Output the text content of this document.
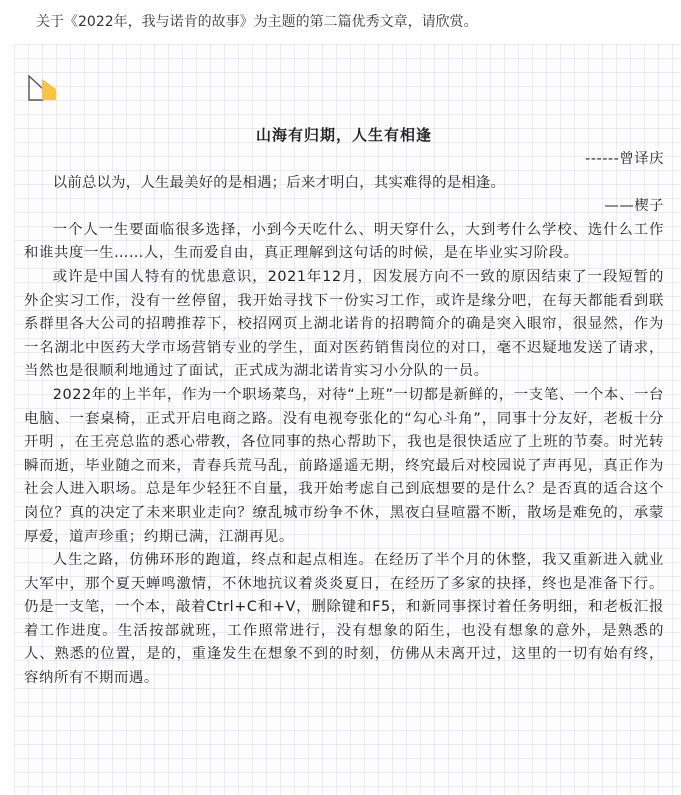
关于《2022年，我与诺肯的故事》为主题的第二篇优秀文章，请欣赏。
山海有归期，人生有相逢
------曾译庆

以前总以为，人生最美好的是相遇；后来才明白，其实难得的是相逢。

——楔子

一个人一生要面临很多选择，小到今天吃什么、明天穿什么，大到考什么学校、选什么工作和谁共度一生……人，生而爱自由，真正理解到这句话的时候，是在毕业实习阶段。

或许是中国人特有的忧患意识，2021年12月，因发展方向不一致的原因结束了一段短暂的外企实习工作，没有一丝停留，我开始寻找下一份实习工作，或许是缘分吧，在每天都能看到联系群里各大公司的招聘推荐下，校招网页上湖北诺肯的招聘简介的确是突入眼帘，很显然，作为一名湖北中医药大学市场营销专业的学生，面对医药销售岗位的对口，毫不迟疑地发送了请求，当然也是很顺利地通过了面试，正式成为湖北诺肯实习小分队的一员。

2022年的上半年，作为一个职场菜鸟，对待“上班”一切都是新鲜的，一支笔、一个本、一台电脑、一套桌椅，正式开启电商之路。没有电视夸张化的“勾心斗角”，同事十分友好，老板十分开明 ，在王亮总监的悉心带教，各位同事的热心帮助下，我也是很快适应了上班的节奏。时光转瞬而逝，毕业随之而来，青春兵荒马乱，前路遥遥无期，终究最后对校园说了声再见，真正作为社会人进入职场。总是年少轻狂不自量，我开始考虑自己到底想要的是什么？是否真的适合这个岗位？真的决定了未来职业走向？缭乱城市纷争不休，黑夜白昼喧嚣不断，散场是难免的，承蒙厚爱，道声珍重；约期已满，江湖再见。

人生之路，仿佛环形的跑道，终点和起点相连。在经历了半个月的休整，我又重新进入就业大军中，那个夏天蝉鸣激情，不休地抗议着炎炎夏日，在经历了多家的抉择，终也是准备下行。仍是一支笔，一个本，敲着Ctrl+C和+V，删除键和F5，和新同事探讨着任务明细，和老板汇报着工作进度。生活按部就班，工作照常进行，没有想象的陌生，也没有想象的意外，是熟悉的人、熟悉的位置，是的，重逢发生在想象不到的时刻，仿佛从未离开过，这里的一切有始有终，容纳所有不期而遇。
